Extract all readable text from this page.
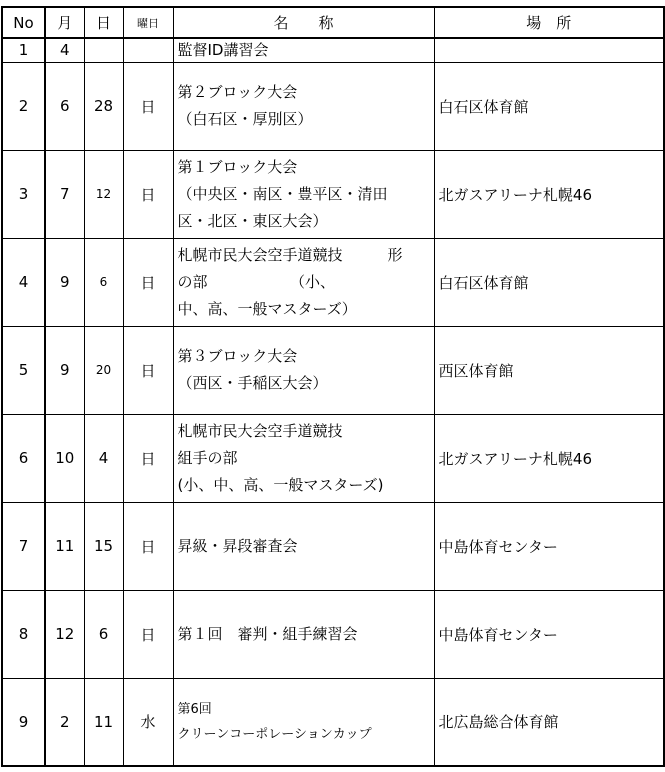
No	月	日	曜日	名　　称	場　所
1	4			監督ID講習会	

2	6	28	日	第２ブロック大会
（白石区・厚別区）	白石区体育館
3	7	12	日	第１ブロック大会
（中央区・南区・豊平区・清田
区・北区・東区大会）	北ガスアリーナ札幌46
4	9	6	日	札幌市民大会空手道競技　　　形
の部　　　　　　（小、
中、高、一般マスターズ）	白石区体育館
5	9	20	日	第３ブロック大会
（西区・手稲区大会）	西区体育館
6	10	4	日	札幌市民大会空手道競技
組手の部
(小、中、高、一般マスターズ)	北ガスアリーナ札幌46
7	11	15	日	昇級・昇段審査会	中島体育センター
8	12	6	日	第１回　審判・組手練習会	中島体育センター
9	2	11	水	第6回
クリーンコーポレーションカップ	北広島総合体育館
